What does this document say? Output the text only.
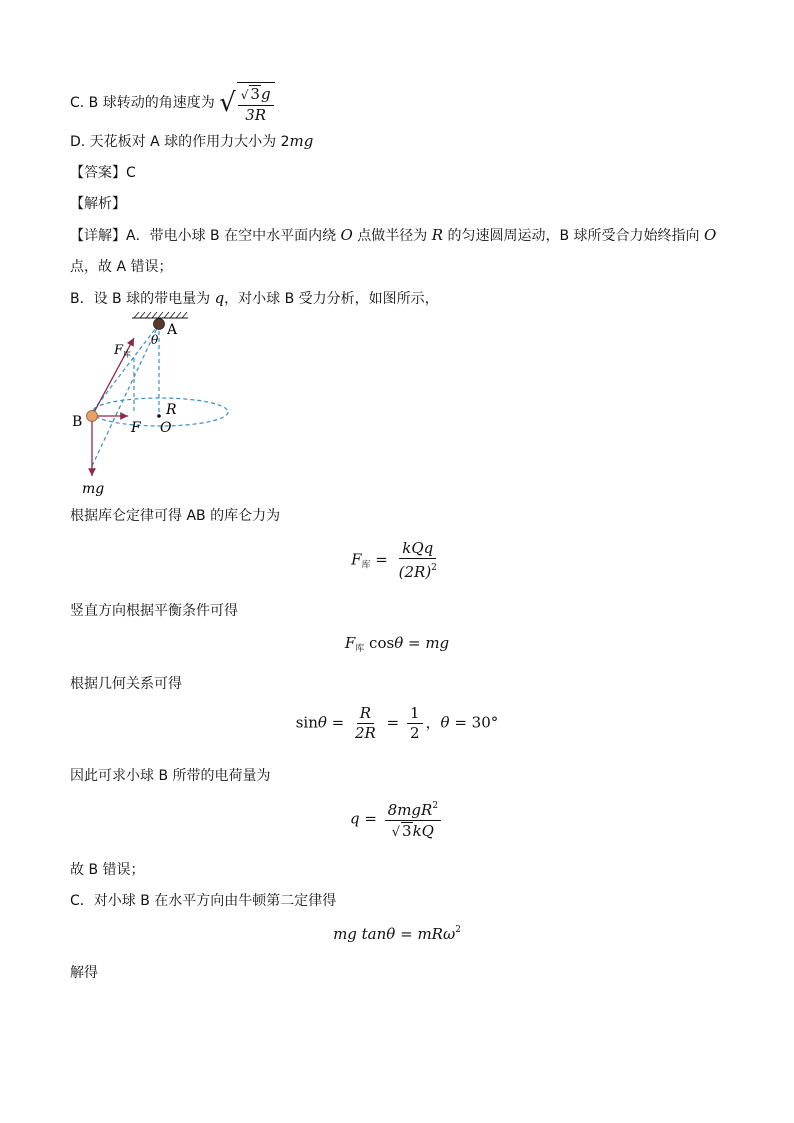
C. B 球转动的角速度为 √ $\frac{√ 3g}{3R}$
D. 天花板对 A 球的作用力大小为 2mg
【答案】C
【解析】
【详解】A．带电小球 B 在空中水平面内绕 O 点做半径为 R 的匀速圆周运动，B 球所受合力始终指向 O
点，故 A 错误；
B．设 B 球的带电量为 q，对小球 B 受力分析，如图所示，
A
θ
F 库
B
R
F O
mg
根据库仑定律可得 AB 的库仑力为
$F_库 = \frac{\text{kQq}}{(2R)^2}$
竖直方向根据平衡条件可得
$F_库$ cosθ = mg
根据几何关系可得
$\sin\theta = \frac{R}{2R} = \frac{1}{2}$ ，θ = 30°
因此可求小球 B 所带的电荷量为
$q = \frac{8mgR^2}{√ 3kQ}$
故 B 错误；
C．对小球 B 在水平方向由牛顿第二定律得
mg tanθ = mRω$^2$
解得
